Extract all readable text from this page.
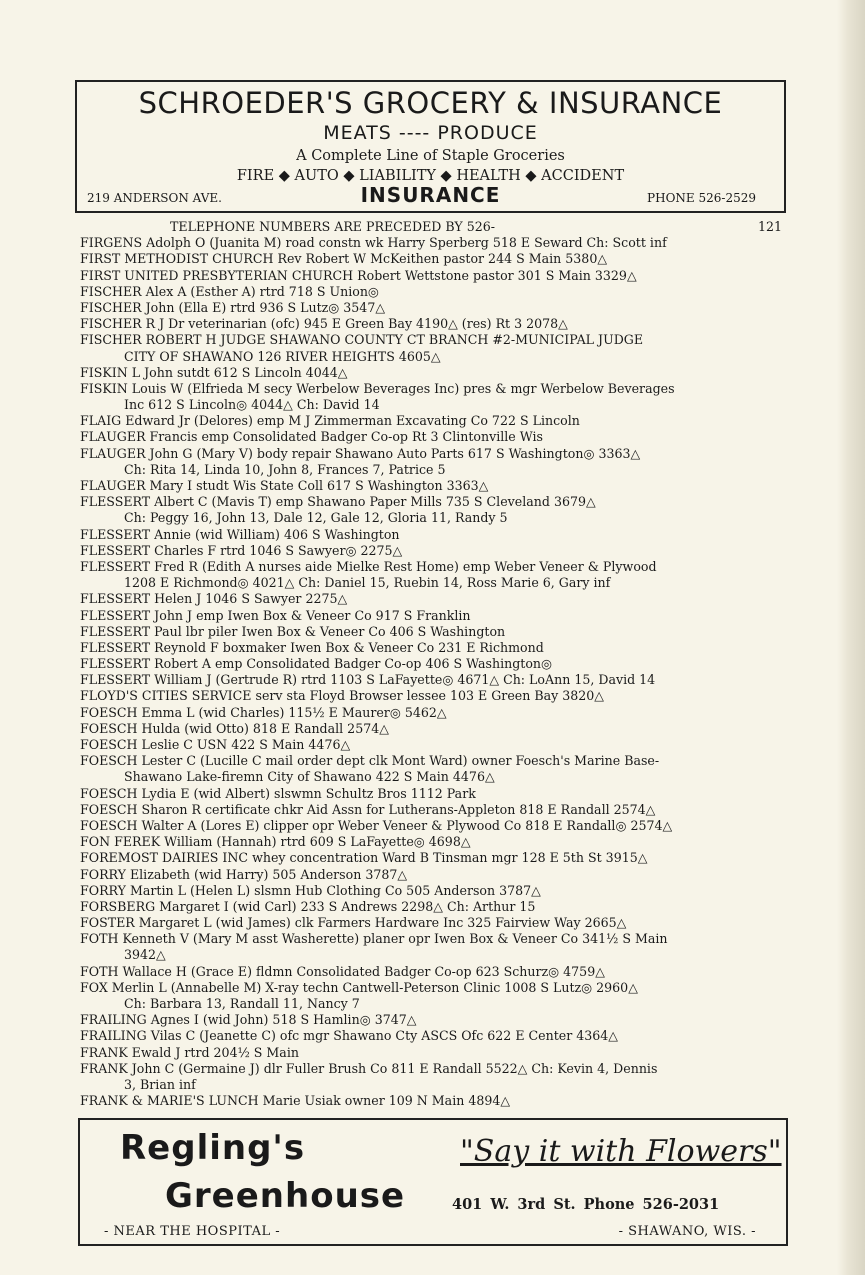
SCHROEDER'S GROCERY & INSURANCE
MEATS ---- PRODUCE
A Complete Line of Staple Groceries
FIRE ◆ AUTO ◆ LIABILITY ◆ HEALTH ◆ ACCIDENT
219 ANDERSON AVE.	INSURANCE	PHONE 526-2529
TELEPHONE NUMBERS ARE PRECEDED BY 526-	121
FIRGENS Adolph O (Juanita M) road constn wk Harry Sperberg 518 E Seward Ch: Scott inf
FIRST METHODIST CHURCH Rev Robert W McKeithen pastor 244 S Main 5380△
FIRST UNITED PRESBYTERIAN CHURCH Robert Wettstone pastor 301 S Main 3329△
FISCHER Alex A (Esther A) rtrd 718 S Union◎
FISCHER John (Ella E) rtrd 936 S Lutz◎ 3547△
FISCHER R J Dr veterinarian (ofc) 945 E Green Bay 4190△ (res) Rt 3 2078△
FISCHER ROBERT H JUDGE SHAWANO COUNTY CT BRANCH #2-MUNICIPAL JUDGE
CITY OF SHAWANO 126 RIVER HEIGHTS 4605△
FISKIN L John sutdt 612 S Lincoln 4044△
FISKIN Louis W (Elfrieda M secy Werbelow Beverages Inc) pres & mgr Werbelow Beverages
Inc 612 S Lincoln◎ 4044△ Ch: David 14
FLAIG Edward Jr (Delores) emp M J Zimmerman Excavating Co 722 S Lincoln
FLAUGER Francis emp Consolidated Badger Co-op Rt 3 Clintonville Wis
FLAUGER John G (Mary V) body repair Shawano Auto Parts 617 S Washington◎ 3363△
Ch: Rita 14, Linda 10, John 8, Frances 7, Patrice 5
FLAUGER Mary I studt Wis State Coll 617 S Washington 3363△
FLESSERT Albert C (Mavis T) emp Shawano Paper Mills 735 S Cleveland 3679△
Ch: Peggy 16, John 13, Dale 12, Gale 12, Gloria 11, Randy 5
FLESSERT Annie (wid William) 406 S Washington
FLESSERT Charles F rtrd 1046 S Sawyer◎ 2275△
FLESSERT Fred R (Edith A nurses aide Mielke Rest Home) emp Weber Veneer & Plywood
1208 E Richmond◎ 4021△ Ch: Daniel 15, Ruebin 14, Ross Marie 6, Gary inf
FLESSERT Helen J 1046 S Sawyer 2275△
FLESSERT John J emp Iwen Box & Veneer Co 917 S Franklin
FLESSERT Paul lbr piler Iwen Box & Veneer Co 406 S Washington
FLESSERT Reynold F boxmaker Iwen Box & Veneer Co 231 E Richmond
FLESSERT Robert A emp Consolidated Badger Co-op 406 S Washington◎
FLESSERT William J (Gertrude R) rtrd 1103 S LaFayette◎ 4671△ Ch: LoAnn 15, David 14
FLOYD'S CITIES SERVICE serv sta Floyd Browser lessee 103 E Green Bay 3820△
FOESCH Emma L (wid Charles) 115½ E Maurer◎ 5462△
FOESCH Hulda (wid Otto) 818 E Randall 2574△
FOESCH Leslie C USN 422 S Main 4476△
FOESCH Lester C (Lucille C mail order dept clk Mont Ward) owner Foesch's Marine Base-
Shawano Lake-firemn City of Shawano 422 S Main 4476△
FOESCH Lydia E (wid Albert) slswmn Schultz Bros 1112 Park
FOESCH Sharon R certificate chkr Aid Assn for Lutherans-Appleton 818 E Randall 2574△
FOESCH Walter A (Lores E) clipper opr Weber Veneer & Plywood Co 818 E Randall◎ 2574△
FON FEREK William (Hannah) rtrd 609 S LaFayette◎ 4698△
FOREMOST DAIRIES INC whey concentration Ward B Tinsman mgr 128 E 5th St 3915△
FORRY Elizabeth (wid Harry) 505 Anderson 3787△
FORRY Martin L (Helen L) slsmn Hub Clothing Co 505 Anderson 3787△
FORSBERG Margaret I (wid Carl) 233 S Andrews 2298△ Ch: Arthur 15
FOSTER Margaret L (wid James) clk Farmers Hardware Inc 325 Fairview Way 2665△
FOTH Kenneth V (Mary M asst Washerette) planer opr Iwen Box & Veneer Co 341½ S Main
3942△
FOTH Wallace H (Grace E) fldmn Consolidated Badger Co-op 623 Schurz◎ 4759△
FOX Merlin L (Annabelle M) X-ray techn Cantwell-Peterson Clinic 1008 S Lutz◎ 2960△
Ch: Barbara 13, Randall 11, Nancy 7
FRAILING Agnes I (wid John) 518 S Hamlin◎ 3747△
FRAILING Vilas C (Jeanette C) ofc mgr Shawano Cty ASCS Ofc 622 E Center 4364△
FRANK Ewald J rtrd 204½ S Main
FRANK John C (Germaine J) dlr Fuller Brush Co 811 E Randall 5522△ Ch: Kevin 4, Dennis
3, Brian inf
FRANK & MARIE'S LUNCH Marie Usiak owner 109 N Main 4894△
Regling's
Greenhouse
"Say it with Flowers"
401 W. 3rd St. Phone 526-2031
- NEAR THE HOSPITAL -	- SHAWANO, WIS. -
